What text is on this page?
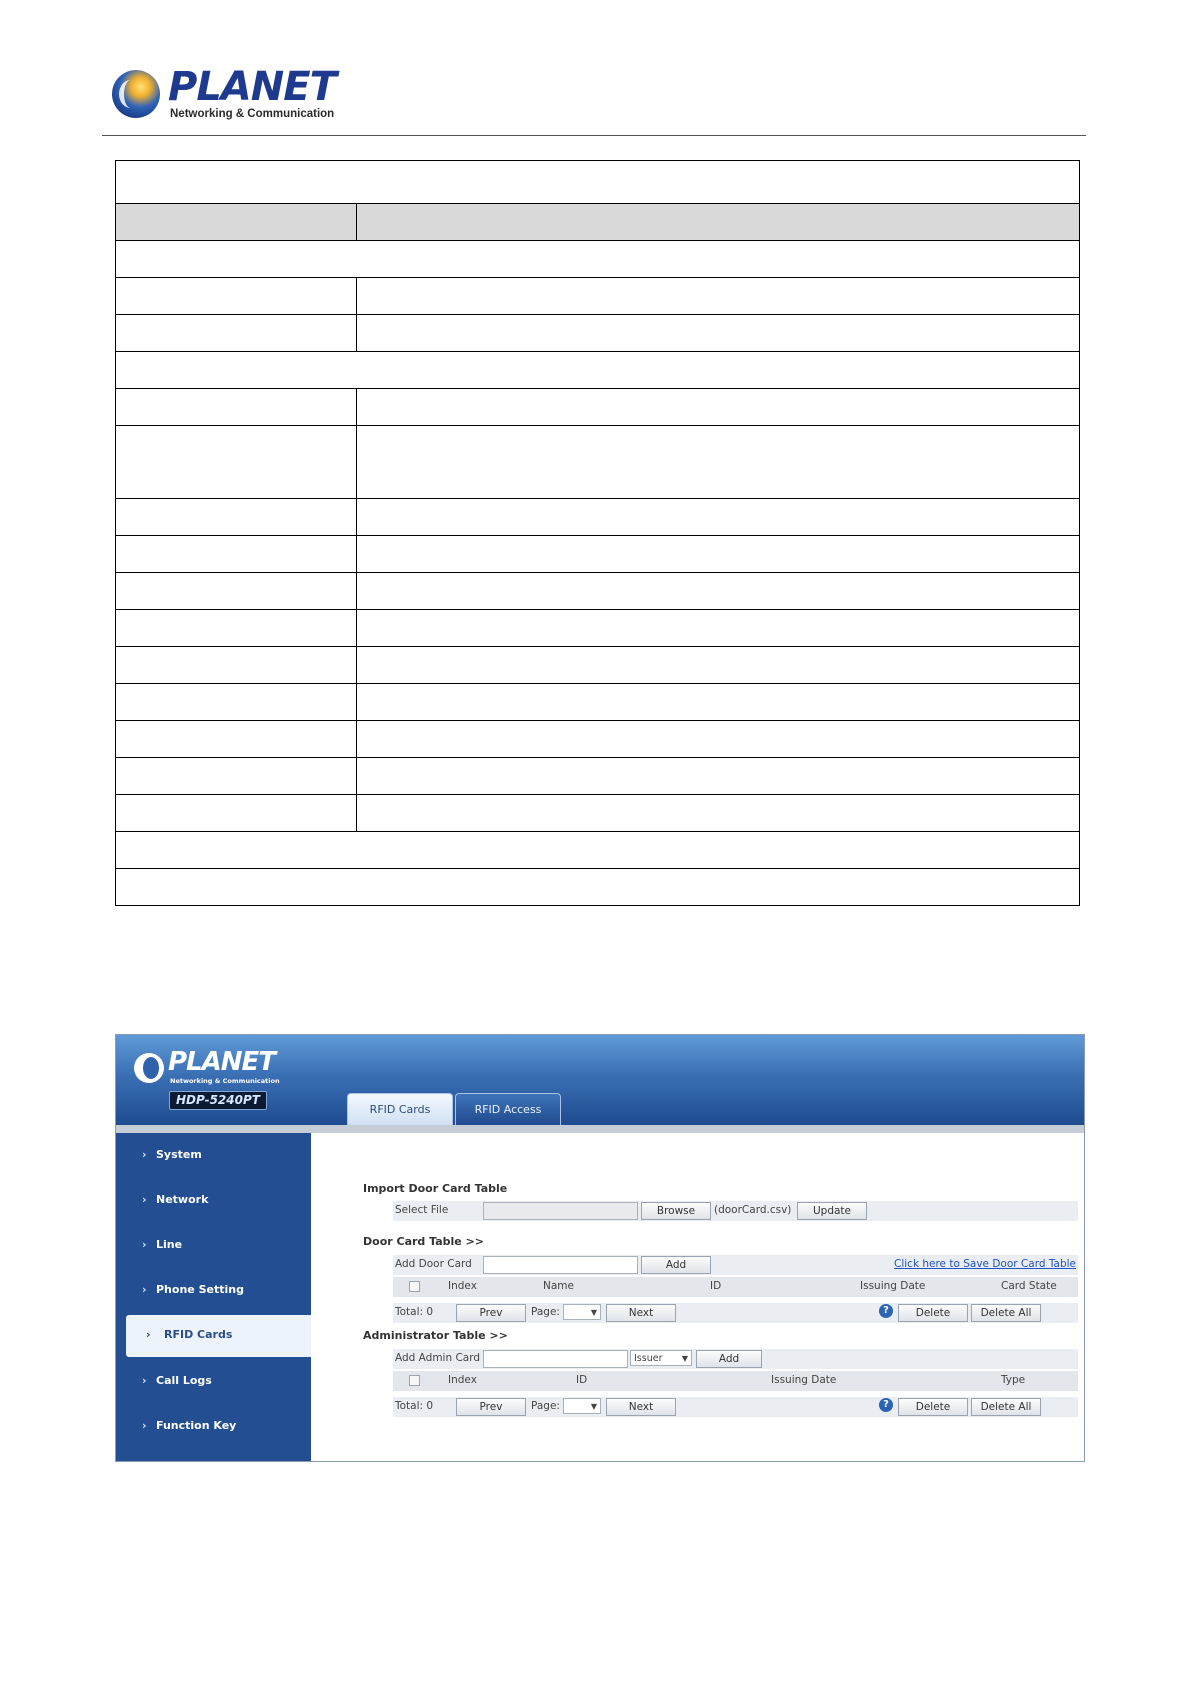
PLANET
Networking & Communication

PLANET
Networking & Communication
HDP-5240PT
RFID Cards	RFID Access
› System
› Network
› Line
› Phone Setting
› RFID Cards
› Call Logs
› Function Key
Import Door Card Table
Select File	Browse	(doorCard.csv)	Update
Door Card Table >>
Add Door Card	Add	Click here to Save Door Card Table
Index	Name	ID	Issuing Date	Card State
Total: 0	Prev	Page:	▼	Next	?	Delete	Delete All
Administrator Table >>
Add Admin Card	Issuer ▼	Add
Index	ID	Issuing Date	Type
Total: 0	Prev	Page:	▼	Next	?	Delete	Delete All
